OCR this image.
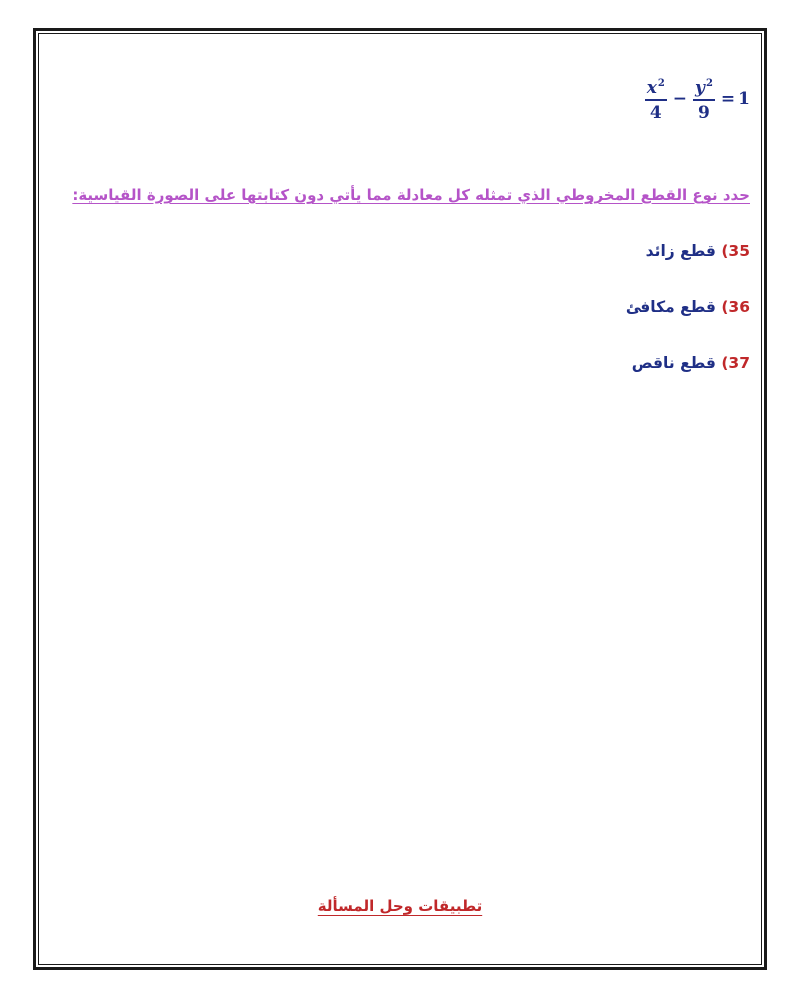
$\frac{x^2}{4} - \frac{y^2}{9} = 1$
حدد نوع القطع المخروطي الذي تمثله كل معادلة مما يأتي دون كتابتها على الصورة القياسية:
35) قطع زائد
36) قطع مكافئ
37) قطع ناقص
تطبيقات وحل المسألة
